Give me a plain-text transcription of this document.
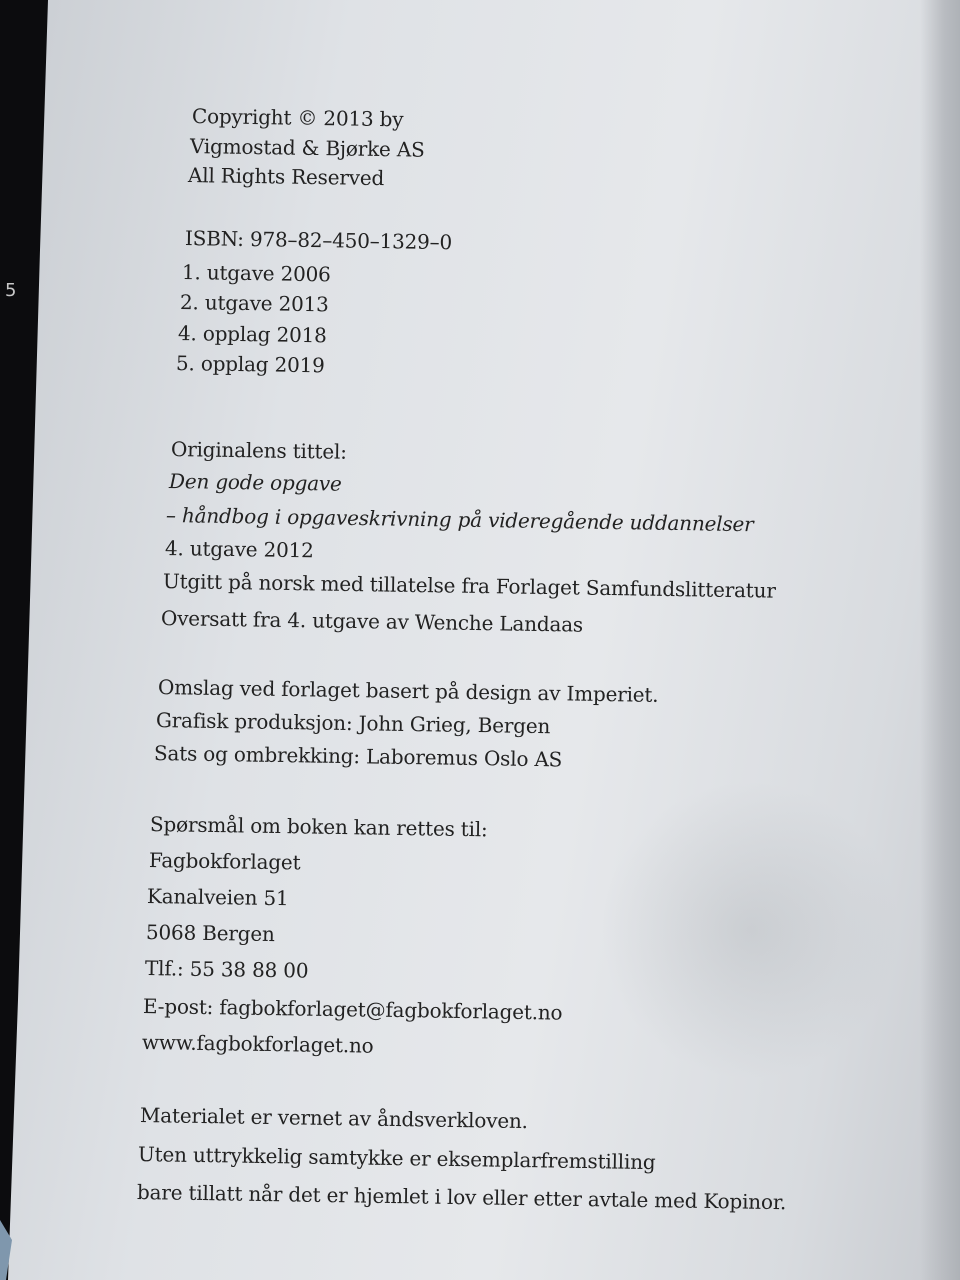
5
Copyright © 2013 by
Vigmostad & Bjørke AS
All Rights Reserved
ISBN: 978–82–450–1329–0
1. utgave 2006
2. utgave 2013
4. opplag 2018
5. opplag 2019
Originalens tittel:
Den gode opgave
– håndbog i opgaveskrivning på videregående uddannelser
4. utgave 2012
Utgitt på norsk med tillatelse fra Forlaget Samfundslitteratur
Oversatt fra 4. utgave av Wenche Landaas
Omslag ved forlaget basert på design av Imperiet.
Grafisk produksjon: John Grieg, Bergen
Sats og ombrekking: Laboremus Oslo AS
Spørsmål om boken kan rettes til:
Fagbokforlaget
Kanalveien 51
5068 Bergen
Tlf.: 55 38 88 00
E-post: fagbokforlaget@fagbokforlaget.no
www.fagbokforlaget.no
Materialet er vernet av åndsverkloven.
Uten uttrykkelig samtykke er eksemplarfremstilling
bare tillatt når det er hjemlet i lov eller etter avtale med Kopinor.
